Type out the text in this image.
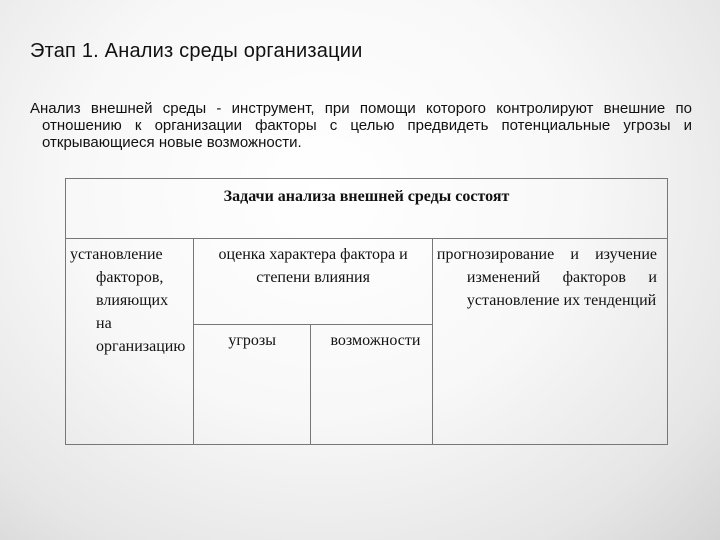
Этап 1. Анализ среды организации

Анализ внешней среды - инструмент, при помощи которого контролируют внешние по отношению к организации факторы с целью предвидеть потенциальные угрозы и открывающиеся новые возможности.

Задачи анализа внешней среды состоят			

установление факторов, влияющих на организацию	оценка характера фактора и степени влияния		прогнозирование и изучение изменений факторов и установление их тенденций

	угрозы	возможности	
